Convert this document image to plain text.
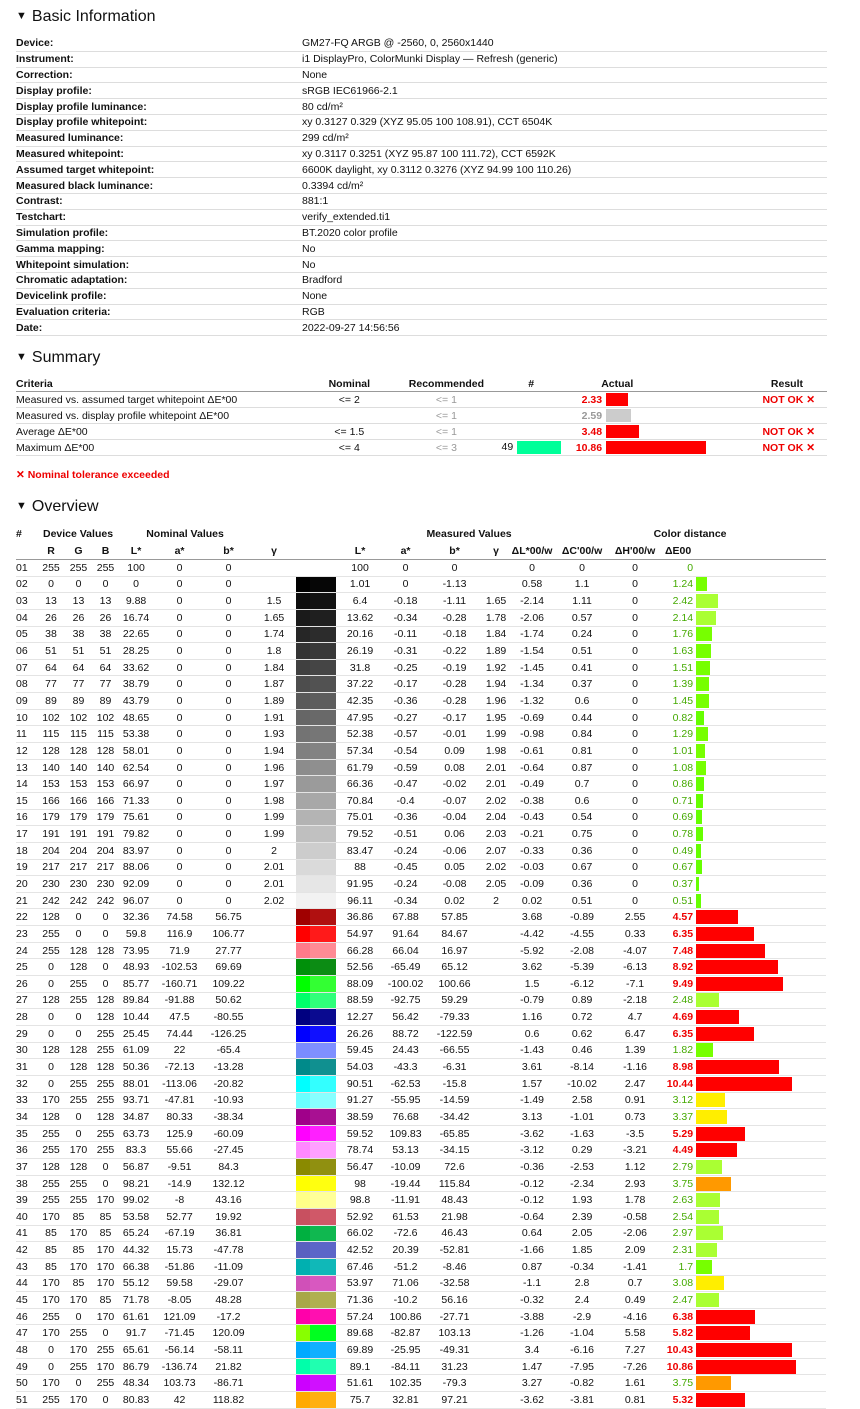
▼ Basic Information
Device:	GM27-FQ ARGB @ -2560, 0, 2560x1440
Instrument:	i1 DisplayPro, ColorMunki Display — Refresh (generic)
Correction:	None
Display profile:	sRGB IEC61966-2.1
Display profile luminance:	80 cd/m²
Display profile whitepoint:	xy 0.3127 0.329 (XYZ 95.05 100 108.91), CCT 6504K
Measured luminance:	299 cd/m²
Measured whitepoint:	xy 0.3117 0.3251 (XYZ 95.87 100 111.72), CCT 6592K
Assumed target whitepoint:	6600K daylight, xy 0.3112 0.3276 (XYZ 94.99 100 110.26)
Measured black luminance:	0.3394 cd/m²
Contrast:	881:1
Testchart:	verify_extended.ti1
Simulation profile:	BT.2020 color profile
Gamma mapping:	No
Whitepoint simulation:	No
Chromatic adaptation:	Bradford
Devicelink profile:	None
Evaluation criteria:	RGB
Date:	2022-09-27 14:56:56
▼ Summary
Criteria	Nominal	Recommended	#	Actual		Result
Measured vs. assumed target whitepoint ΔE*00	<= 2	<= 1		2.33		NOT OK ✕
Measured vs. display profile whitepoint ΔE*00		<= 1		2.59		
Average ΔE*00	<= 1.5	<= 1		3.48		NOT OK ✕
Maximum ΔE*00	<= 4	<= 3	49	10.86		NOT OK ✕
✕ Nominal tolerance exceeded
▼ Overview
#	Device Values			Nominal Values							Measured Values				Color distance				
	R	G	B	L*	a*	b*	γ			L*	a*	b*	γ	ΔL*00/w	ΔC'00/w	ΔH'00/w	ΔE00		
01	255	255	255	100	0	0				100	0	0		0	0	0	0		

02	0	0	0	0	0	0				1.01	0	-1.13		0.58	1.1	0	1.24		

03	13	13	13	9.88	0	0	1.5			6.4	-0.18	-1.11	1.65	-2.14	1.11	0	2.42		

04	26	26	26	16.74	0	0	1.65			13.62	-0.34	-0.28	1.78	-2.06	0.57	0	2.14		

05	38	38	38	22.65	0	0	1.74			20.16	-0.11	-0.18	1.84	-1.74	0.24	0	1.76		

06	51	51	51	28.25	0	0	1.8			26.19	-0.31	-0.22	1.89	-1.54	0.51	0	1.63		

07	64	64	64	33.62	0	0	1.84			31.8	-0.25	-0.19	1.92	-1.45	0.41	0	1.51		

08	77	77	77	38.79	0	0	1.87			37.22	-0.17	-0.28	1.94	-1.34	0.37	0	1.39		

09	89	89	89	43.79	0	0	1.89			42.35	-0.36	-0.28	1.96	-1.32	0.6	0	1.45		

10	102	102	102	48.65	0	0	1.91			47.95	-0.27	-0.17	1.95	-0.69	0.44	0	0.82		

11	115	115	115	53.38	0	0	1.93			52.38	-0.57	-0.01	1.99	-0.98	0.84	0	1.29		

12	128	128	128	58.01	0	0	1.94			57.34	-0.54	0.09	1.98	-0.61	0.81	0	1.01		

13	140	140	140	62.54	0	0	1.96			61.79	-0.59	0.08	2.01	-0.64	0.87	0	1.08		

14	153	153	153	66.97	0	0	1.97			66.36	-0.47	-0.02	2.01	-0.49	0.7	0	0.86		

15	166	166	166	71.33	0	0	1.98			70.84	-0.4	-0.07	2.02	-0.38	0.6	0	0.71		

16	179	179	179	75.61	0	0	1.99			75.01	-0.36	-0.04	2.04	-0.43	0.54	0	0.69		

17	191	191	191	79.82	0	0	1.99			79.52	-0.51	0.06	2.03	-0.21	0.75	0	0.78		

18	204	204	204	83.97	0	0	2			83.47	-0.24	-0.06	2.07	-0.33	0.36	0	0.49		

19	217	217	217	88.06	0	0	2.01			88	-0.45	0.05	2.02	-0.03	0.67	0	0.67		

20	230	230	230	92.09	0	0	2.01			91.95	-0.24	-0.08	2.05	-0.09	0.36	0	0.37		

21	242	242	242	96.07	0	0	2.02			96.11	-0.34	0.02	2	0.02	0.51	0	0.51		

22	128	0	0	32.36	74.58	56.75				36.86	67.88	57.85		3.68	-0.89	2.55	4.57		

23	255	0	0	59.8	116.9	106.77				54.97	91.64	84.67		-4.42	-4.55	0.33	6.35		

24	255	128	128	73.95	71.9	27.77				66.28	66.04	16.97		-5.92	-2.08	-4.07	7.48		

25	0	128	0	48.93	-102.53	69.69				52.56	-65.49	65.12		3.62	-5.39	-6.13	8.92		

26	0	255	0	85.77	-160.71	109.22				88.09	-100.02	100.66		1.5	-6.12	-7.1	9.49		

27	128	255	128	89.84	-91.88	50.62				88.59	-92.75	59.29		-0.79	0.89	-2.18	2.48		

28	0	0	128	10.44	47.5	-80.55				12.27	56.42	-79.33		1.16	0.72	4.7	4.69		

29	0	0	255	25.45	74.44	-126.25				26.26	88.72	-122.59		0.6	0.62	6.47	6.35		

30	128	128	255	61.09	22	-65.4				59.45	24.43	-66.55		-1.43	0.46	1.39	1.82		

31	0	128	128	50.36	-72.13	-13.28				54.03	-43.3	-6.31		3.61	-8.14	-1.16	8.98		

32	0	255	255	88.01	-113.06	-20.82				90.51	-62.53	-15.8		1.57	-10.02	2.47	10.44		

33	170	255	255	93.71	-47.81	-10.93				91.27	-55.95	-14.59		-1.49	2.58	0.91	3.12		

34	128	0	128	34.87	80.33	-38.34				38.59	76.68	-34.42		3.13	-1.01	0.73	3.37		

35	255	0	255	63.73	125.9	-60.09				59.52	109.83	-65.85		-3.62	-1.63	-3.5	5.29		

36	255	170	255	83.3	55.66	-27.45				78.74	53.13	-34.15		-3.12	0.29	-3.21	4.49		

37	128	128	0	56.87	-9.51	84.3				56.47	-10.09	72.6		-0.36	-2.53	1.12	2.79		

38	255	255	0	98.21	-14.9	132.12				98	-19.44	115.84		-0.12	-2.34	2.93	3.75		

39	255	255	170	99.02	-8	43.16				98.8	-11.91	48.43		-0.12	1.93	1.78	2.63		

40	170	85	85	53.58	52.77	19.92				52.92	61.53	21.98		-0.64	2.39	-0.58	2.54		

41	85	170	85	65.24	-67.19	36.81				66.02	-72.6	46.43		0.64	2.05	-2.06	2.97		

42	85	85	170	44.32	15.73	-47.78				42.52	20.39	-52.81		-1.66	1.85	2.09	2.31		

43	85	170	170	66.38	-51.86	-11.09				67.46	-51.2	-8.46		0.87	-0.34	-1.41	1.7		

44	170	85	170	55.12	59.58	-29.07				53.97	71.06	-32.58		-1.1	2.8	0.7	3.08		

45	170	170	85	71.78	-8.05	48.28				71.36	-10.2	56.16		-0.32	2.4	0.49	2.47		

46	255	0	170	61.61	121.09	-17.2				57.24	100.86	-27.71		-3.88	-2.9	-4.16	6.38		

47	170	255	0	91.7	-71.45	120.09				89.68	-82.87	103.13		-1.26	-1.04	5.58	5.82		

48	0	170	255	65.61	-56.14	-58.11				69.89	-25.95	-49.31		3.4	-6.16	7.27	10.43		

49	0	255	170	86.79	-136.74	21.82				89.1	-84.11	31.23		1.47	-7.95	-7.26	10.86		

50	170	0	255	48.34	103.73	-86.71				51.61	102.35	-79.3		3.27	-0.82	1.61	3.75		

51	255	170	0	80.83	42	118.82				75.7	32.81	97.21		-3.62	-3.81	0.81	5.32		
